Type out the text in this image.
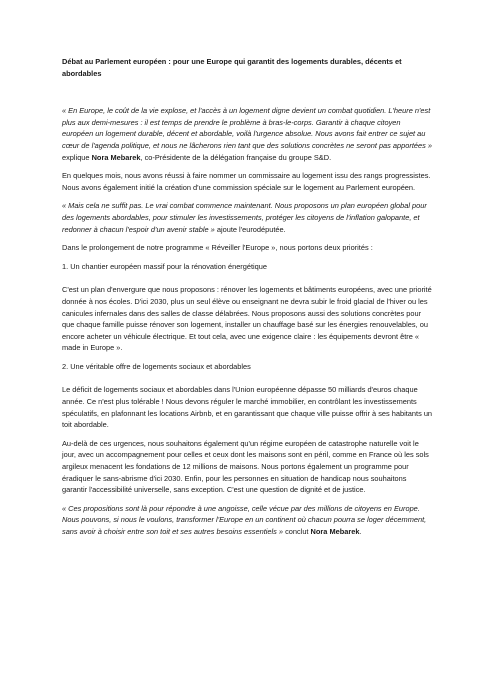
Débat au Parlement européen : pour une Europe qui garantit des logements durables, décents et abordables

« En Europe, le coût de la vie explose, et l'accès à un logement digne devient un combat quotidien. L'heure n'est plus aux demi-mesures : il est temps de prendre le problème à bras-le-corps. Garantir à chaque citoyen européen un logement durable, décent et abordable, voilà l'urgence absolue. Nous avons fait entrer ce sujet au cœur de l'agenda politique, et nous ne lâcherons rien tant que des solutions concrètes ne seront pas apportées » explique Nora Mebarek, co-Présidente de la délégation française du groupe S&D.

En quelques mois, nous avons réussi à faire nommer un commissaire au logement issu des rangs progressistes. Nous avons également initié la création d'une commission spéciale sur le logement au Parlement européen.

« Mais cela ne suffit pas. Le vrai combat commence maintenant. Nous proposons un plan européen global pour des logements abordables, pour stimuler les investissements, protéger les citoyens de l'inflation galopante, et redonner à chacun l'espoir d'un avenir stable » ajoute l'eurodéputée.

Dans le prolongement de notre programme « Réveiller l'Europe », nous portons deux priorités :

1. Un chantier européen massif pour la rénovation énergétique

C'est un plan d'envergure que nous proposons : rénover les logements et bâtiments européens, avec une priorité donnée à nos écoles. D'ici 2030, plus un seul élève ou enseignant ne devra subir le froid glacial de l'hiver ou les canicules infernales dans des salles de classe délabrées. Nous proposons aussi des solutions concrètes pour que chaque famille puisse rénover son logement, installer un chauffage basé sur les énergies renouvelables, ou encore acheter un véhicule électrique. Et tout cela, avec une exigence claire : les équipements devront être « made in Europe ».

2. Une véritable offre de logements sociaux et abordables

Le déficit de logements sociaux et abordables dans l'Union européenne dépasse 50 milliards d'euros chaque année. Ce n'est plus tolérable ! Nous devons réguler le marché immobilier, en contrôlant les investissements spéculatifs, en plafonnant les locations Airbnb, et en garantissant que chaque ville puisse offrir à ses habitants un toit abordable.

Au-delà de ces urgences, nous souhaitons également qu'un régime européen de catastrophe naturelle voit le jour, avec un accompagnement pour celles et ceux dont les maisons sont en péril, comme en France où les sols argileux menacent les fondations de 12 millions de maisons. Nous portons également un programme pour éradiquer le sans-abrisme d'ici 2030. Enfin, pour les personnes en situation de handicap nous souhaitons garantir l'accessibilité universelle, sans exception. C'est une question de dignité et de justice.

« Ces propositions sont là pour répondre à une angoisse, celle vécue par des millions de citoyens en Europe. Nous pouvons, si nous le voulons, transformer l'Europe en un continent où chacun pourra se loger décemment, sans avoir à choisir entre son toit et ses autres besoins essentiels » conclut Nora Mebarek.
